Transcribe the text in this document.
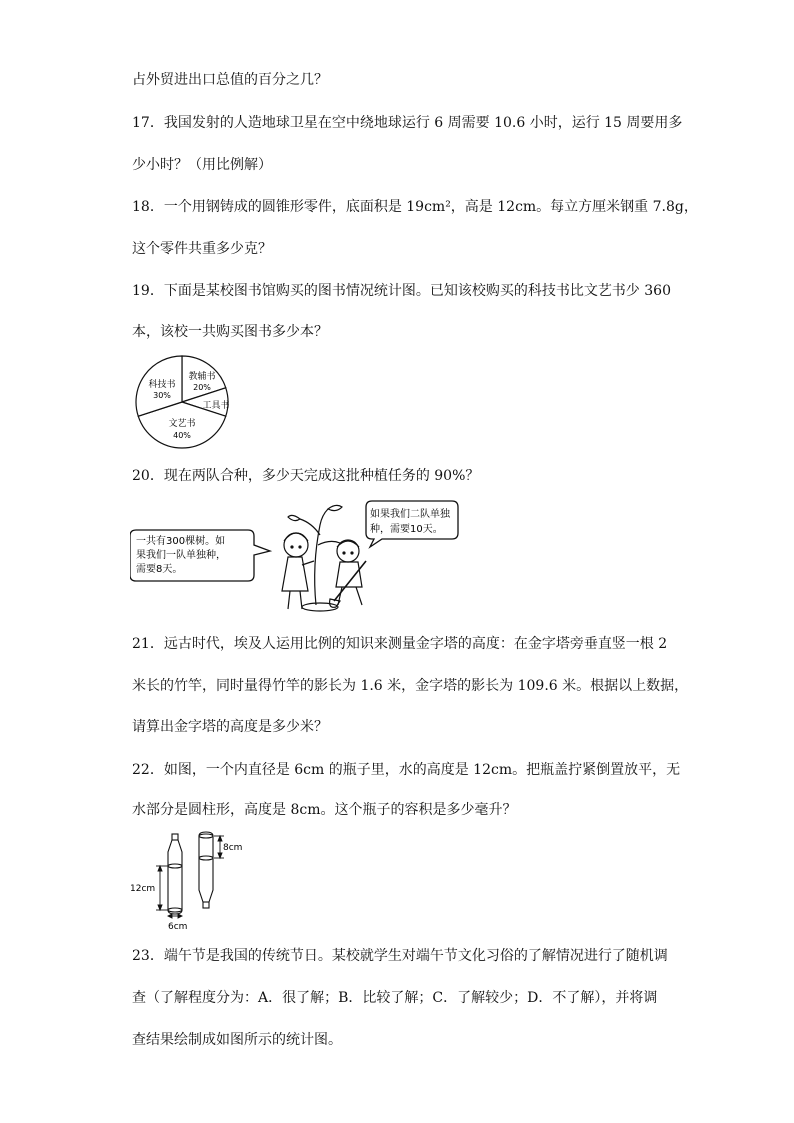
占外贸进出口总值的百分之几？
17．我国发射的人造地球卫星在空中绕地球运行 6 周需要 10.6 小时，运行 15 周要用多
少小时？（用比例解）
18．一个用钢铸成的圆锥形零件，底面积是 19cm²，高是 12cm。每立方厘米钢重 7.8g，
这个零件共重多少克？
19．下面是某校图书馆购买的图书情况统计图。已知该校购买的科技书比文艺书少 360
本，该校一共购买图书多少本？
20．现在两队合种，多少天完成这批种植任务的 90%？
21．远古时代，埃及人运用比例的知识来测量金字塔的高度：在金字塔旁垂直竖一根 2
米长的竹竿，同时量得竹竿的影长为 1.6 米，金字塔的影长为 109.6 米。根据以上数据，
请算出金字塔的高度是多少米？
22．如图，一个内直径是 6cm 的瓶子里，水的高度是 12cm。把瓶盖拧紧倒置放平，无
水部分是圆柱形，高度是 8cm。这个瓶子的容积是多少毫升？
23．端午节是我国的传统节日。某校就学生对端午节文化习俗的了解情况进行了随机调
查（了解程度分为：A．很了解；B．比较了解；C．了解较少；D．不了解），并将调
查结果绘制成如图所示的统计图。
科技书
30%
教辅书
20%
工具书
文艺书
40%
一共有300棵树。如
果我们一队单独种，
需要8天。
如果我们二队单独
种，需要10天。
12cm
6cm
8cm
